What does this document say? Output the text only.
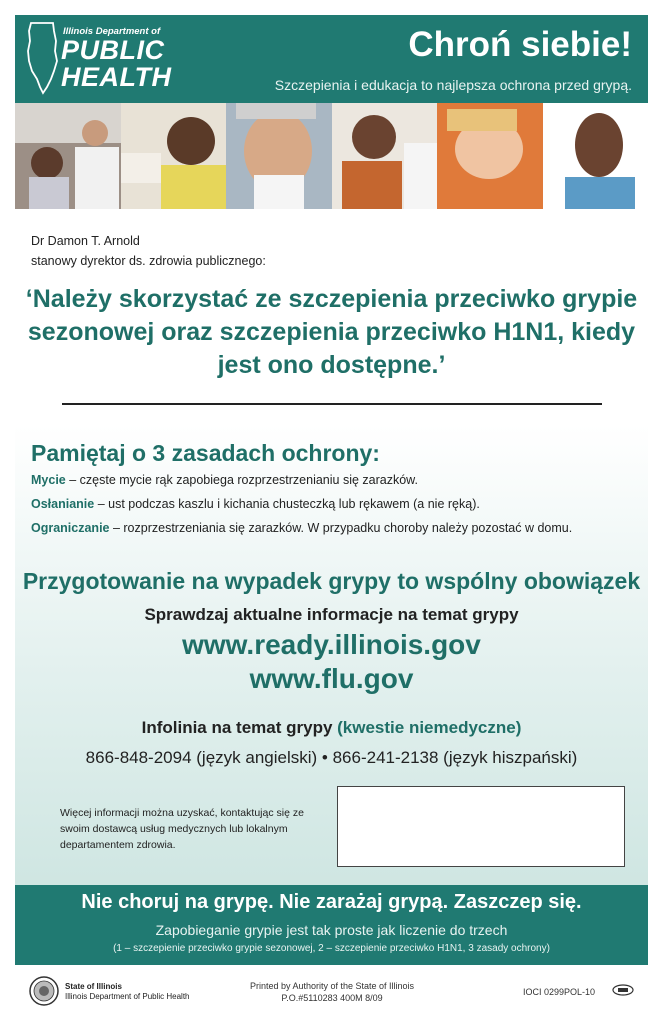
Illinois Department of
PUBLIC
HEALTH
Chroń siebie!
Szczepienia i edukacja to najlepsza ochrona przed grypą.
Dr Damon T. Arnold
stanowy dyrektor ds. zdrowia publicznego:
‘Należy skorzystać ze szczepienia przeciwko grypie
sezonowej oraz szczepienia przeciwko H1N1, kiedy
jest ono dostępne.’
Pamiętaj o 3 zasadach ochrony:
Mycie – częste mycie rąk zapobiega rozprzestrzenianiu się zarazków.
Osłanianie – ust podczas kaszlu i kichania chusteczką lub rękawem (a nie ręką).
Ograniczanie – rozprzestrzeniania się zarazków. W przypadku choroby należy pozostać w domu.
Przygotowanie na wypadek grypy to wspólny obowiązek
Sprawdzaj aktualne informacje na temat grypy
www.ready.illinois.gov
www.flu.gov
Infolinia na temat grypy (kwestie niemedyczne)
866-848-2094 (język angielski) • 866-241-2138 (język hiszpański)
Więcej informacji można uzyskać, kontaktując się ze swoim dostawcą usług medycznych lub lokalnym departamentem zdrowia.
Nie choruj na grypę. Nie zarażaj grypą. Zaszczep się.
Zapobieganie grypie jest tak proste jak liczenie do trzech
(1 – szczepienie przeciwko grypie sezonowej, 2 – szczepienie przeciwko H1N1, 3 zasady ochrony)
State of Illinois
Illinois Department of Public Health
Printed by Authority of the State of Illinois
P.O.#5110283 400M 8/09
IOCI 0299POL-10
